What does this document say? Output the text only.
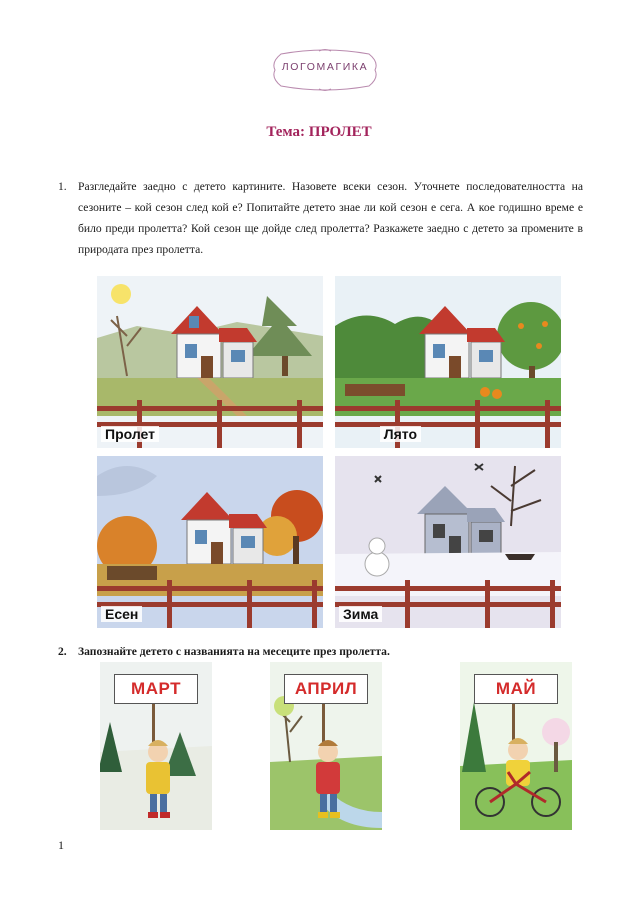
ЛОГОМАГИКА
Тема: ПРОЛЕТ
1. Разгледайте заедно с детето картините. Назовете всеки сезон. Уточнете последователността на сезоните – кой сезон след кой е? Попитайте детето знае ли кой сезон е сега. А кое годишно време е било преди пролетта? Кой сезон ще дойде след пролетта? Разкажете заедно с детето за промените в природата през пролетта.
Пролет	Лято
Есен	Зима
2. Запознайте детето с названията на месеците през пролетта.
МАРТ	АПРИЛ	МАЙ
1
